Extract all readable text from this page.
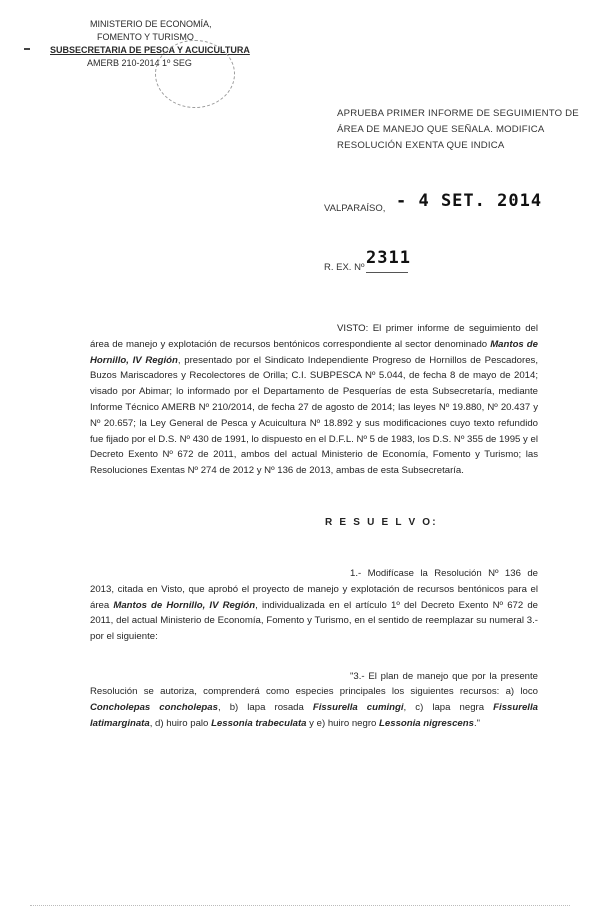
MINISTERIO DE ECONOMÍA,
FOMENTO Y TURISMO
SUBSECRETARIA DE PESCA Y ACUICULTURA
AMERB 210-2014 1º SEG
APRUEBA PRIMER INFORME DE SEGUIMIENTO DE
ÁREA DE MANEJO QUE SEÑALA. MODIFICA
RESOLUCIÓN EXENTA QUE INDICA
VALPARAÍSO, - 4 SET. 2014
R. EX. Nº 2311

VISTO: El primer informe de seguimiento del área de manejo y explotación de recursos bentónicos correspondiente al sector denominado Mantos de Hornillo, IV Región, presentado por el Sindicato Independiente Progreso de Hornillos de Pescadores, Buzos Mariscadores y Recolectores de Orilla; C.I. SUBPESCA Nº 5.044, de fecha 8 de mayo de 2014; visado por Abimar; lo informado por el Departamento de Pesquerías de esta Subsecretaría, mediante Informe Técnico AMERB Nº 210/2014, de fecha 27 de agosto de 2014; las leyes Nº 19.880, Nº 20.437 y Nº 20.657; la Ley General de Pesca y Acuicultura Nº 18.892 y sus modificaciones cuyo texto refundido fue fijado por el D.S. Nº 430 de 1991, lo dispuesto en el D.F.L. Nº 5 de 1983, los D.S. Nº 355 de 1995 y el Decreto Exento Nº 672 de 2011, ambos del actual Ministerio de Economía, Fomento y Turismo; las Resoluciones Exentas Nº 274 de 2012 y Nº 136 de 2013, ambas de esta Subsecretaría.

R E S U E L V O:

1.- Modifícase la Resolución Nº 136 de 2013, citada en Visto, que aprobó el proyecto de manejo y explotación de recursos bentónicos para el área Mantos de Hornillo, IV Región, individualizada en el artículo 1º del Decreto Exento Nº 672 de 2011, del actual Ministerio de Economía, Fomento y Turismo, en el sentido de reemplazar su numeral 3.- por el siguiente:

"3.- El plan de manejo que por la presente Resolución se autoriza, comprenderá como especies principales los siguientes recursos: a) loco Concholepas concholepas, b) lapa rosada Fissurella cumingi, c) lapa negra Fissurella latimarginata, d) huiro palo Lessonia trabeculata y e) huiro negro Lessonia nigrescens."
